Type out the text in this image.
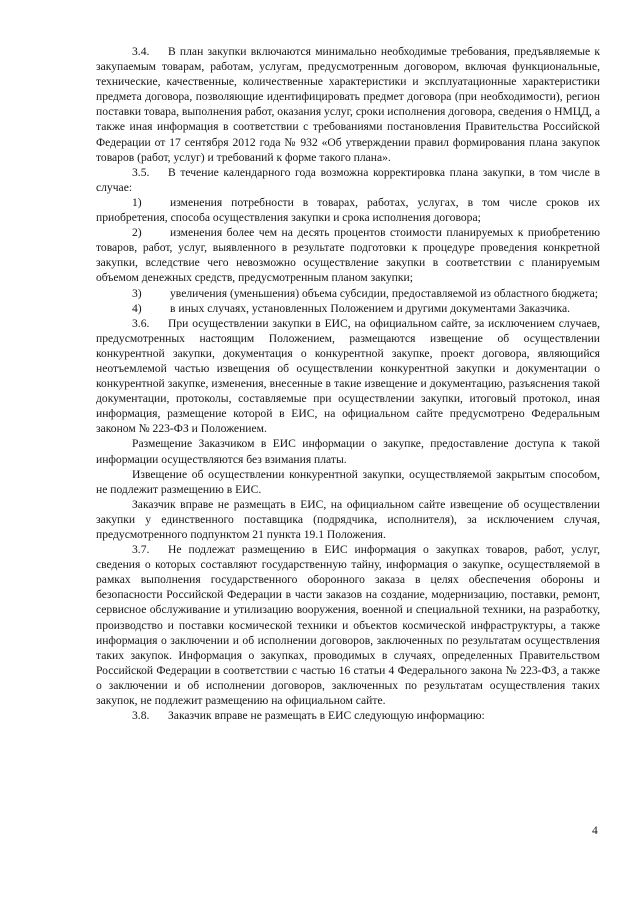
3.4. В план закупки включаются минимально необходимые требования, предъявляемые к закупаемым товарам, работам, услугам, предусмотренным договором, включая функциональные, технические, качественные, количественные характеристики и эксплуатационные характеристики предмета договора, позволяющие идентифицировать предмет договора (при необходимости), регион поставки товара, выполнения работ, оказания услуг, сроки исполнения договора, сведения о НМЦД, а также иная информация в соответствии с требованиями постановления Правительства Российской Федерации от 17 сентября 2012 года № 932 «Об утверждении правил формирования плана закупок товаров (работ, услуг) и требований к форме такого плана».

3.5. В течение календарного года возможна корректировка плана закупки, в том числе в случае:

1) изменения потребности в товарах, работах, услугах, в том числе сроков их приобретения, способа осуществления закупки и срока исполнения договора;

2) изменения более чем на десять процентов стоимости планируемых к приобретению товаров, работ, услуг, выявленного в результате подготовки к процедуре проведения конкретной закупки, вследствие чего невозможно осуществление закупки в соответствии с планируемым объемом денежных средств, предусмотренным планом закупки;

3) увеличения (уменьшения) объема субсидии, предоставляемой из областного бюджета;

4) в иных случаях, установленных Положением и другими документами Заказчика.

3.6. При осуществлении закупки в ЕИС, на официальном сайте, за исключением случаев, предусмотренных настоящим Положением, размещаются извещение об осуществлении конкурентной закупки, документация о конкурентной закупке, проект договора, являющийся неотъемлемой частью извещения об осуществлении конкурентной закупки и документации о конкурентной закупке, изменения, внесенные в такие извещение и документацию, разъяснения такой документации, протоколы, составляемые при осуществлении закупки, итоговый протокол, иная информация, размещение которой в ЕИС, на официальном сайте предусмотрено Федеральным законом № 223-ФЗ и Положением.

Размещение Заказчиком в ЕИС информации о закупке, предоставление доступа к такой информации осуществляются без взимания платы.

Извещение об осуществлении конкурентной закупки, осуществляемой закрытым способом, не подлежит размещению в ЕИС.

Заказчик вправе не размещать в ЕИС, на официальном сайте извещение об осуществлении закупки у единственного поставщика (подрядчика, исполнителя), за исключением случая, предусмотренного подпунктом 21 пункта 19.1 Положения.

3.7. Не подлежат размещению в ЕИС информация о закупках товаров, работ, услуг, сведения о которых составляют государственную тайну, информация о закупке, осуществляемой в рамках выполнения государственного оборонного заказа в целях обеспечения обороны и безопасности Российской Федерации в части заказов на создание, модернизацию, поставки, ремонт, сервисное обслуживание и утилизацию вооружения, военной и специальной техники, на разработку, производство и поставки космической техники и объектов космической инфраструктуры, а также информация о заключении и об исполнении договоров, заключенных по результатам осуществления таких закупок. Информация о закупках, проводимых в случаях, определенных Правительством Российской Федерации в соответствии с частью 16 статьи 4 Федерального закона № 223-ФЗ, а также о заключении и об исполнении договоров, заключенных по результатам осуществления таких закупок, не подлежит размещению на официальном сайте.

3.8. Заказчик вправе не размещать в ЕИС следующую информацию:

4
